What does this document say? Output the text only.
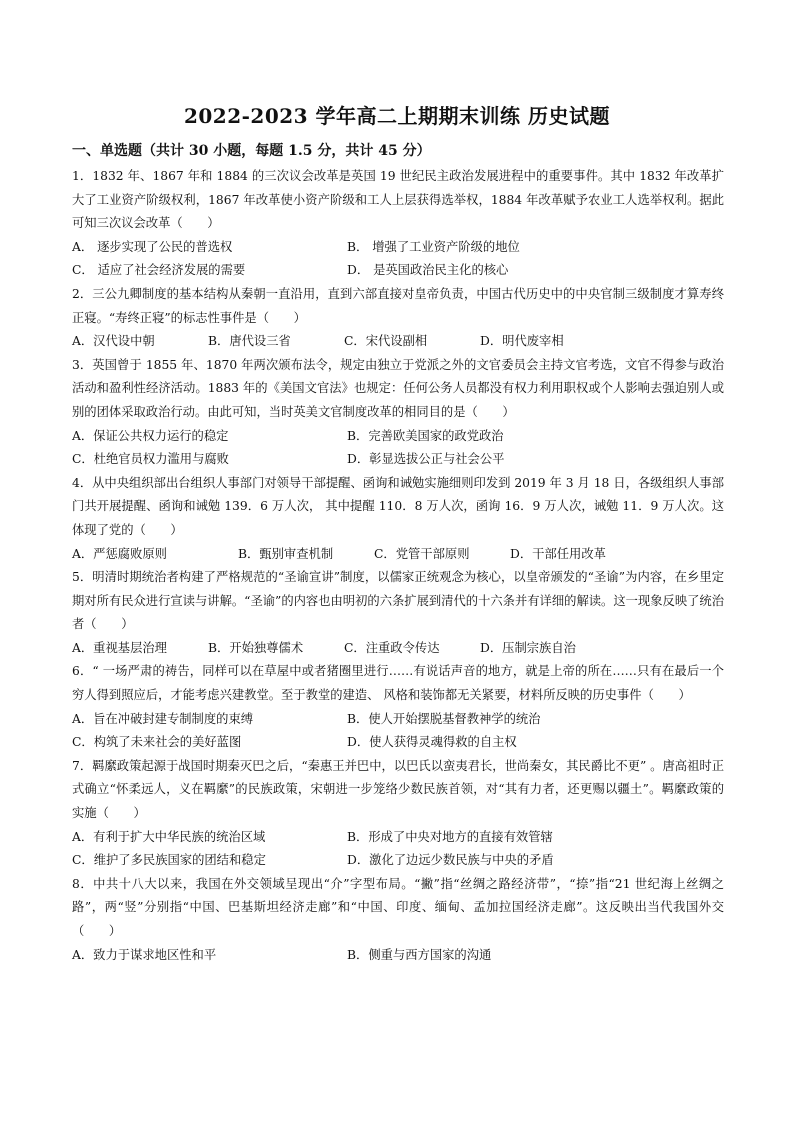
2022-2023 学年高二上期期末训练 历史试题
一、单选题（共计 30 小题，每题 1.5 分，共计 45 分）

1．1832 年、1867 年和 1884 的三次议会改革是英国 19 世纪民主政治发展进程中的重要事件。其中 1832 年改革扩大了工业资产阶级权利，1867 年改革使小资产阶级和工人上层获得选举权，1884 年改革赋予农业工人选举权利。据此可知三次议会改革（　　）

A． 逐步实现了公民的普选权	B． 增强了工业资产阶级的地位
C． 适应了社会经济发展的需要	D． 是英国政治民主化的核心

2．三公九卿制度的基本结构从秦朝一直沿用，直到六部直接对皇帝负责，中国古代历史中的中央官制三级制度才算寿终正寝。“寿终正寝”的标志性事件是（　　）

A．汉代设中朝	B．唐代设三省	C．宋代设副相	D．明代废宰相

3．英国曾于 1855 年、1870 年两次颁布法令，规定由独立于党派之外的文官委员会主持文官考选，文官不得参与政治活动和盈利性经济活动。1883 年的《美国文官法》也规定：任何公务人员都没有权力利用职权或个人影响去强迫别人或别的团体采取政治行动。由此可知，当时英美文官制度改革的相同目的是（　　）

A．保证公共权力运行的稳定	B．完善欧美国家的政党政治
C．杜绝官员权力滥用与腐败	D．彰显选拔公正与社会公平

4．从中央组织部出台组织人事部门对领导干部提醒、函询和诫勉实施细则印发到 2019 年 3 月 18 日，各级组织人事部门共开展提醒、函询和诫勉 139．6 万人次， 其中提醒 110．8 万人次，函询 16．9 万人次，诫勉 11．9 万人次。这体现了党的（　　）

A．严惩腐败原则	B．甄别审查机制	C．党管干部原则	D．干部任用改革

5．明清时期统治者构建了严格规范的“圣谕宣讲”制度，以儒家正统观念为核心，以皇帝颁发的“圣谕”为内容，在乡里定期对所有民众进行宣读与讲解。“圣谕”的内容也由明初的六条扩展到清代的十六条并有详细的解读。这一现象反映了统治者（　　）

A．重视基层治理	B．开始独尊儒术	C．注重政令传达	D．压制宗族自治

6．“ 一场严肃的祷告，同样可以在草屋中或者猪圈里进行……有说话声音的地方，就是上帝的所在……只有在最后一个穷人得到照应后，才能考虑兴建教堂。至于教堂的建造、 风格和装饰都无关紧要，材料所反映的历史事件（　　）

A．旨在冲破封建专制制度的束缚	B．使人开始摆脱基督教神学的统治
C．构筑了未来社会的美好蓝图	D．使人获得灵魂得救的自主权

7．羁縻政策起源于战国时期秦灭巴之后，“秦惠王并巴中，以巴氏以蛮夷君长，世尚秦女，其民爵比不更” 。唐高祖时正式确立“怀柔远人，义在羁縻”的民族政策，宋朝进一步笼络少数民族首领，对“其有力者，还更赐以疆土”。羁縻政策的实施（　　）

A．有利于扩大中华民族的统治区域	B．形成了中央对地方的直接有效管辖
C．维护了多民族国家的团结和稳定	D．激化了边远少数民族与中央的矛盾

8．中共十八大以来，我国在外交领域呈现出“介”字型布局。“撇”指“丝绸之路经济带”，“捺”指“21 世纪海上丝绸之路”，两“竖”分别指“中国、巴基斯坦经济走廊”和“中国、印度、缅甸、孟加拉国经济走廊”。这反映出当代我国外交（　　）

A．致力于谋求地区性和平	B．侧重与西方国家的沟通
